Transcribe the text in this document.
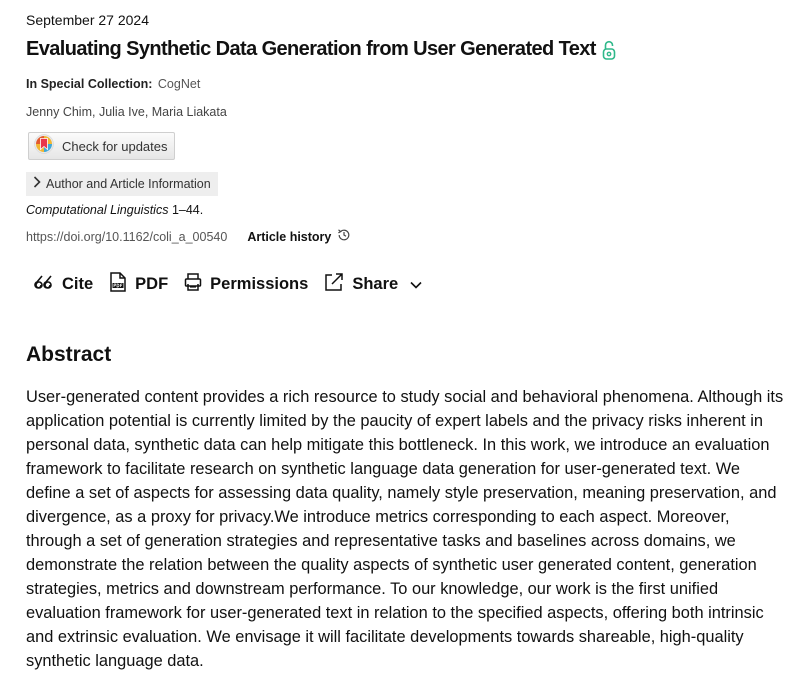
September 27 2024
Evaluating Synthetic Data Generation from User Generated Text
In Special Collection: CogNet
Jenny Chim, Julia Ive, Maria Liakata
Check for updates
Author and Article Information
Computational Linguistics 1–44.
https://doi.org/10.1162/coli_a_00540 Article history
Cite	PDF	Permissions	Share
Abstract

User-generated content provides a rich resource to study social and behavioral phenomena. Although its application potential is currently limited by the paucity of expert labels and the privacy risks inherent in personal data, synthetic data can help mitigate this bottleneck. In this work, we introduce an evaluation framework to facilitate research on synthetic language data generation for user-generated text. We define a set of aspects for assessing data quality, namely style preservation, meaning preservation, and divergence, as a proxy for privacy.We introduce metrics corresponding to each aspect. Moreover, through a set of generation strategies and representative tasks and baselines across domains, we demonstrate the relation between the quality aspects of synthetic user generated content, generation strategies, metrics and downstream performance. To our knowledge, our work is the first unified evaluation framework for user-generated text in relation to the specified aspects, offering both intrinsic and extrinsic evaluation. We envisage it will facilitate developments towards shareable, high-quality synthetic language data.
